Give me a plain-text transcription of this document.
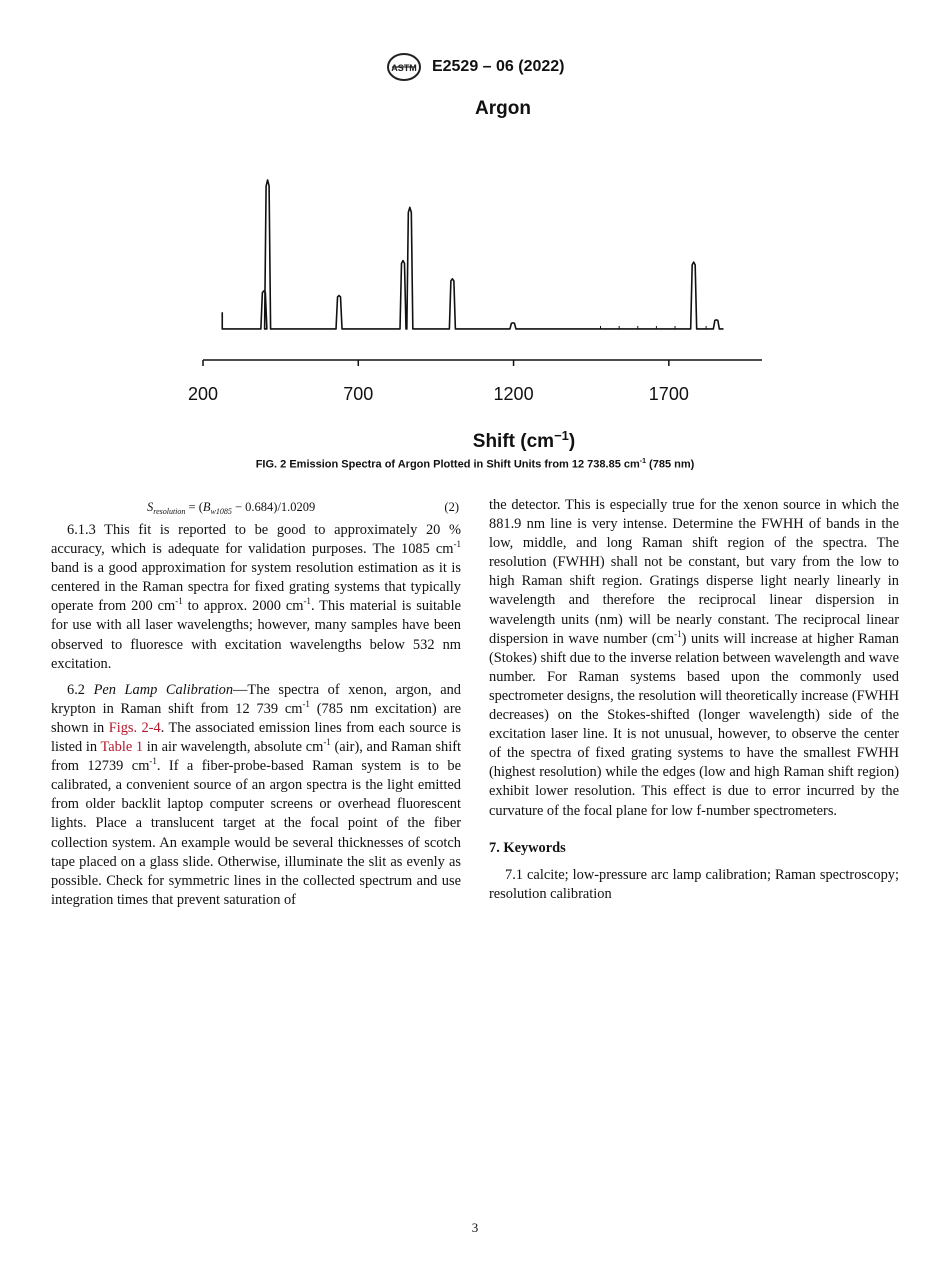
ASTM E2529 – 06 (2022)
Argon
200	700	1200	1700
Shift $(cm^{-1})$
FIG. 2 Emission Spectra of Argon Plotted in Shift Units from 12 738.85 $cm^{-1}$ (785 nm)
$S_{resolution} = (B_{w1085} - 0.684)/1.0209$	(2)

6.1.3 This fit is reported to be good to approximately 20 % accuracy, which is adequate for validation purposes. The 1085 $cm^{-1}$ band is a good approximation for system resolution estimation as it is centered in the Raman spectra for fixed grating systems that typically operate from 200 $cm^{-1}$ to approx. 2000 $cm^{-1}$. This material is suitable for use with all laser wavelengths; however, many samples have been observed to fluoresce with excitation wavelengths below 532 nm excitation.

6.2 Pen Lamp Calibration—The spectra of xenon, argon, and krypton in Raman shift from 12 739 $cm^{-1}$ (785 nm excitation) are shown in Figs. 2-4. The associated emission lines from each source is listed in Table 1 in air wavelength, absolute $cm^{-1}$ (air), and Raman shift from 12739 $cm^{-1}$. If a fiber-probe-based Raman system is to be calibrated, a convenient source of an argon spectra is the light emitted from older backlit laptop computer screens or overhead fluorescent lights. Place a translucent target at the focal point of the fiber collection system. An example would be several thicknesses of scotch tape placed on a glass slide. Otherwise, illuminate the slit as evenly as possible. Check for symmetric lines in the collected spectrum and use integration times that prevent saturation of

the detector. This is especially true for the xenon source in which the 881.9 nm line is very intense. Determine the FWHH of bands in the low, middle, and long Raman shift region of the spectra. The resolution (FWHH) shall not be constant, but vary from the low to high Raman shift region. Gratings disperse light nearly linearly in wavelength and therefore the reciprocal linear dispersion in wavelength units (nm) will be nearly constant. The reciprocal linear dispersion in wave number $(cm^{-1})$ units will increase at higher Raman (Stokes) shift due to the inverse relation between wavelength and wave number. For Raman systems based upon the commonly used spectrometer designs, the resolution will theoretically increase (FWHH decreases) on the Stokes-shifted (longer wavelength) side of the excitation laser line. It is not unusual, however, to observe the center of the spectra of fixed grating systems to have the smallest FWHH (highest resolution) while the edges (low and high Raman shift region) exhibit lower resolution. This effect is due to error incurred by the curvature of the focal plane for low f-number spectrometers.

7. Keywords

7.1 calcite; low-pressure arc lamp calibration; Raman spectroscopy; resolution calibration

3
